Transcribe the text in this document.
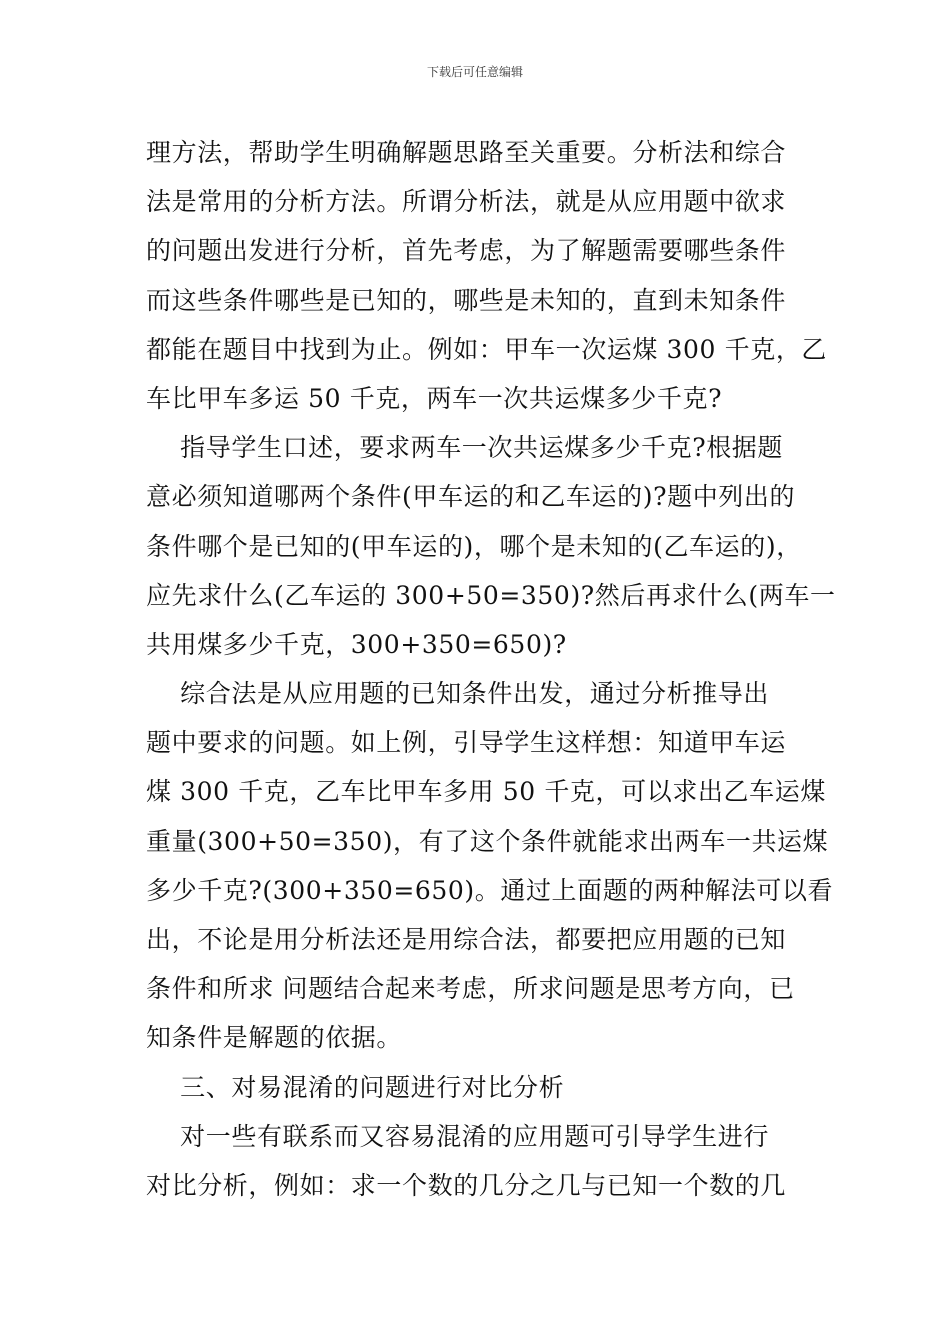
下载后可任意编辑
理方法，帮助学生明确解题思路至关重要。分析法和综合
法是常用的分析方法。所谓分析法，就是从应用题中欲求
的问题出发进行分析，首先考虑，为了解题需要哪些条件
而这些条件哪些是已知的，哪些是未知的，直到未知条件
都能在题目中找到为止。例如：甲车一次运煤 300 千克，乙
车比甲车多运 50 千克，两车一次共运煤多少千克?
指导学生口述，要求两车一次共运煤多少千克?根据题
意必须知道哪两个条件(甲车运的和乙车运的)?题中列出的
条件哪个是已知的(甲车运的)，哪个是未知的(乙车运的)，
应先求什么(乙车运的 300+50=350)?然后再求什么(两车一
共用煤多少千克，300+350=650)?
综合法是从应用题的已知条件出发，通过分析推导出
题中要求的问题。如上例，引导学生这样想：知道甲车运
煤 300 千克，乙车比甲车多用 50 千克，可以求出乙车运煤
重量(300+50=350)，有了这个条件就能求出两车一共运煤
多少千克?(300+350=650)。通过上面题的两种解法可以看
出，不论是用分析法还是用综合法，都要把应用题的已知
条件和所求 问题结合起来考虑，所求问题是思考方向，已
知条件是解题的依据。
三、对易混淆的问题进行对比分析
对一些有联系而又容易混淆的应用题可引导学生进行
对比分析，例如：求一个数的几分之几与已知一个数的几
